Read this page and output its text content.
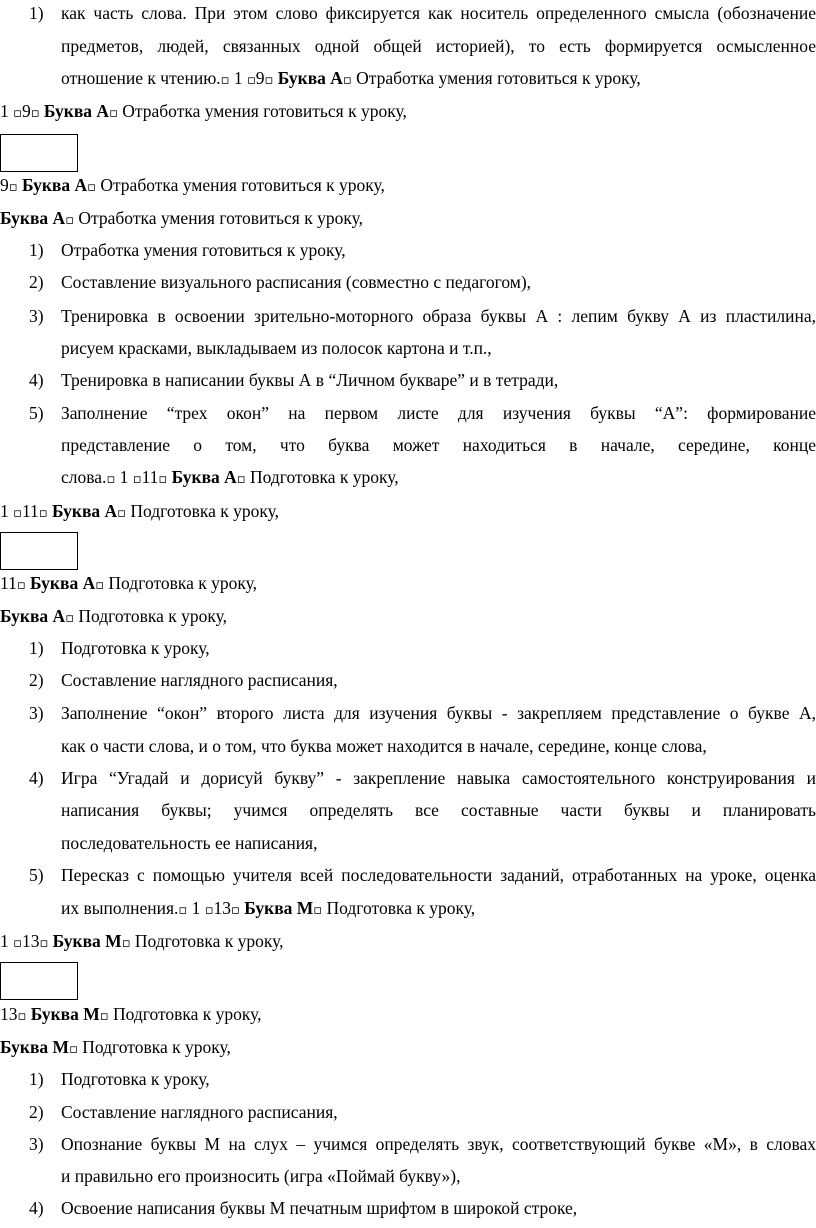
1) как часть слова. При этом слово фиксируется как носитель определенного смысла (обозначение
предметов, людей, связанных одной общей историей), то есть формируется осмысленное
отношение к чтению.▫ 1 ▫9▫ Буква А▫ Отработка умения готовиться к уроку,
1 ▫9▫ Буква А▫ Отработка умения готовиться к уроку,
9▫ Буква А▫ Отработка умения готовиться к уроку,
Буква А▫ Отработка умения готовиться к уроку,
1) Отработка умения готовиться к уроку,
2) Составление визуального расписания (совместно с педагогом),
3) Тренировка в освоении зрительно-моторного образа буквы А : лепим букву А из пластилина,
рисуем красками, выкладываем из полосок картона и т.п.,
4) Тренировка в написании буквы А в “Личном букваре” и в тетради,
5) Заполнение “трех окон” на первом листе для изучения буквы “А”: формирование
представление о том, что буква может находиться в начале, середине, конце
слова.▫ 1 ▫11▫ Буква А▫ Подготовка к уроку,
1 ▫11▫ Буква А▫ Подготовка к уроку,
11▫ Буква А▫ Подготовка к уроку,
Буква А▫ Подготовка к уроку,
1) Подготовка к уроку,
2) Составление наглядного расписания,
3) Заполнение “окон” второго листа для изучения буквы - закрепляем представление о букве А,
как о части слова, и о том, что буква может находится в начале, середине, конце слова,
4) Игра “Угадай и дорисуй букву” - закрепление навыка самостоятельного конструирования и
написания буквы; учимся определять все составные части буквы и планировать
последовательность ее написания,
5) Пересказ с помощью учителя всей последовательности заданий, отработанных на уроке, оценка
их выполнения.▫ 1 ▫13▫ Буква М▫ Подготовка к уроку,
1 ▫13▫ Буква М▫ Подготовка к уроку,
13▫ Буква М▫ Подготовка к уроку,
Буква М▫ Подготовка к уроку,
1) Подготовка к уроку,
2) Составление наглядного расписания,
3) Опознание буквы М на слух – учимся определять звук, соответствующий букве «М», в словах
и правильно его произносить (игра «Поймай букву»),
4) Освоение написания буквы М печатным шрифтом в широкой строке,
